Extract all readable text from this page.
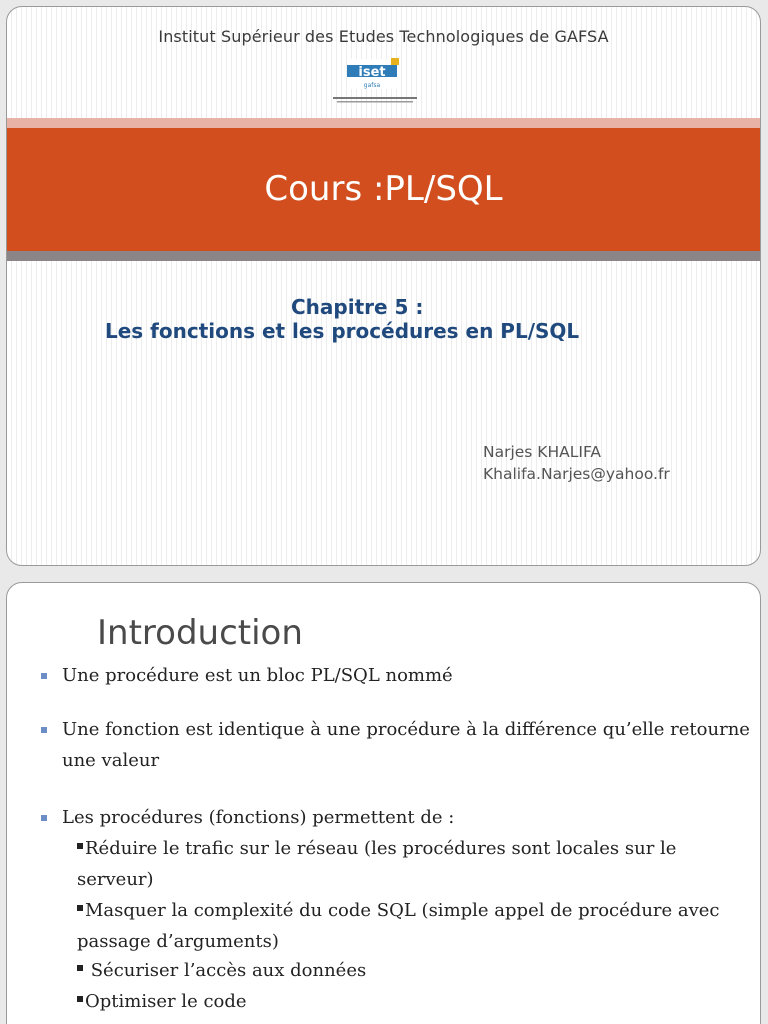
Institut Supérieur des Etudes Technologiques de GAFSA
iset
gafsa
Cours :PL/SQL
Chapitre 5 :
Les fonctions et les procédures en PL/SQL
Narjes KHALIFA
Khalifa.Narjes@yahoo.fr
Introduction
Une procédure est un bloc PL/SQL nommé
Une fonction est identique à une procédure à la différence qu’elle retourne
une valeur
Les procédures (fonctions) permettent de :
Réduire le trafic sur le réseau (les procédures sont locales sur le
serveur)
Masquer la complexité du code SQL (simple appel de procédure avec
passage d’arguments)
Sécuriser l’accès aux données
Optimiser le code
